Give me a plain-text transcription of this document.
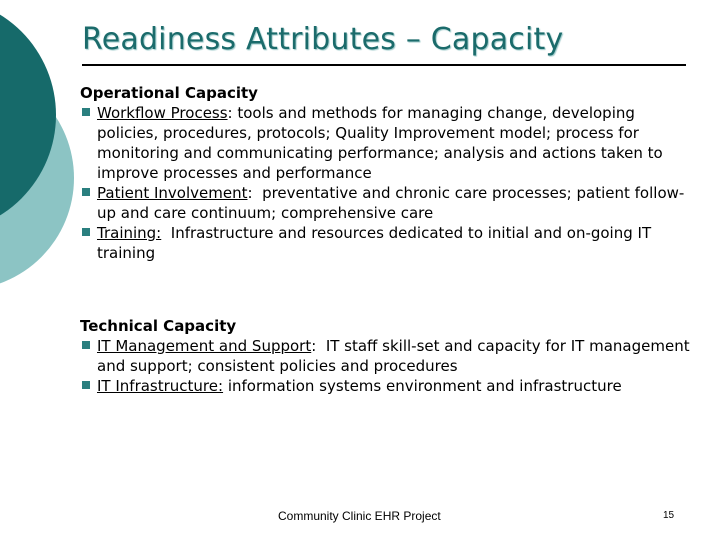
Readiness Attributes – Capacity

Operational Capacity

Workflow Process: tools and methods for managing change, developing policies, procedures, protocols; Quality Improvement model; process for monitoring and communicating performance; analysis and actions taken to improve processes and performance
Patient Involvement:  preventative and chronic care processes; patient follow-up and care continuum; comprehensive care
Training: Infrastructure and resources dedicated to initial and on-going IT training

Technical Capacity

IT Management and Support:  IT staff skill-set and capacity for IT management and support; consistent policies and procedures
IT Infrastructure: information systems environment and infrastructure
Community Clinic EHR Project	15
